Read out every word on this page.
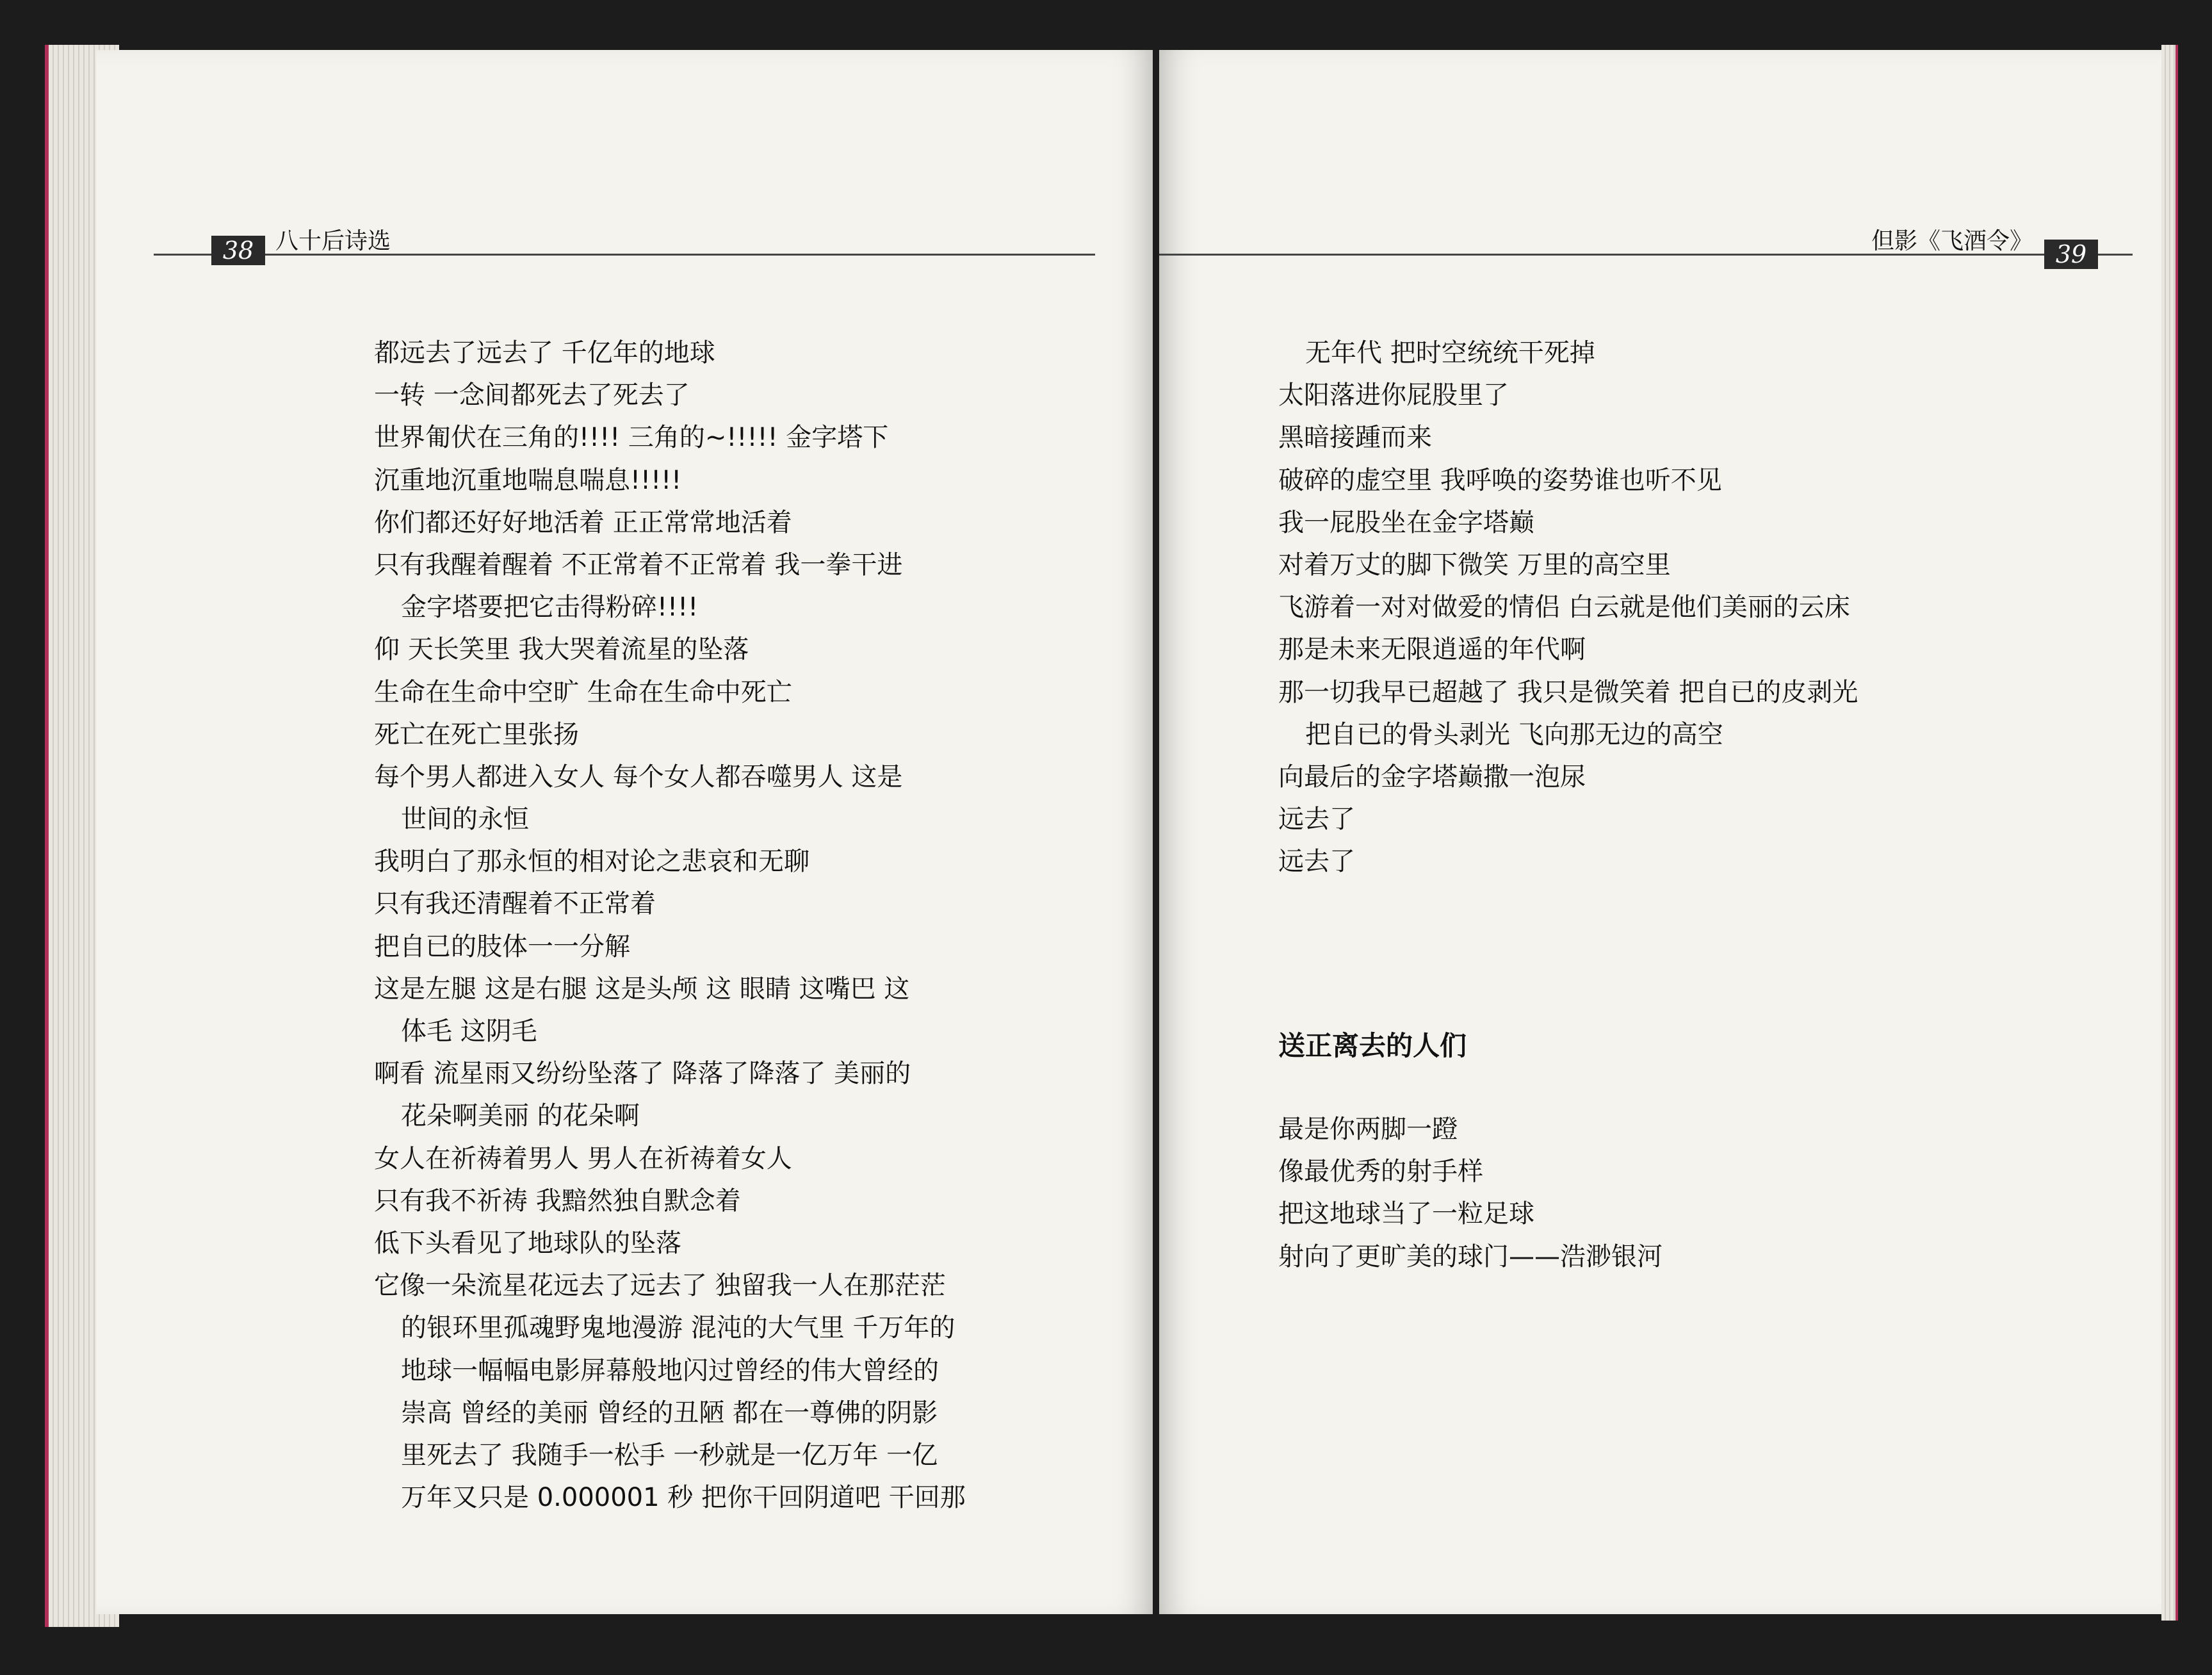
38 八十后诗选
都远去了远去了 千亿年的地球
一转 一念间都死去了死去了
世界匍伏在三角的!!!! 三角的~!!!!! 金字塔下
沉重地沉重地喘息喘息!!!!!
你们都还好好地活着 正正常常地活着
只有我醒着醒着 不正常着不正常着 我一拳干进
金字塔要把它击得粉碎!!!!
仰 天长笑里 我大哭着流星的坠落
生命在生命中空旷 生命在生命中死亡
死亡在死亡里张扬
每个男人都进入女人 每个女人都吞噬男人 这是
世间的永恒
我明白了那永恒的相对论之悲哀和无聊
只有我还清醒着不正常着
把自已的肢体一一分解
这是左腿 这是右腿 这是头颅 这 眼睛 这嘴巴 这
体毛 这阴毛
啊看 流星雨又纷纷坠落了 降落了降落了 美丽的
花朵啊美丽 的花朵啊
女人在祈祷着男人 男人在祈祷着女人
只有我不祈祷 我黯然独自默念着
低下头看见了地球队的坠落
它像一朵流星花远去了远去了 独留我一人在那茫茫
的银环里孤魂野鬼地漫游 混沌的大气里 千万年的
地球一幅幅电影屏幕般地闪过曾经的伟大曾经的
崇高 曾经的美丽 曾经的丑陋 都在一尊佛的阴影
里死去了 我随手一松手 一秒就是一亿万年 一亿
万年又只是 0.000001 秒 把你干回阴道吧 干回那
但影《飞酒令》 39
无年代 把时空统统干死掉
太阳落进你屁股里了
黑暗接踵而来
破碎的虚空里 我呼唤的姿势谁也听不见
我一屁股坐在金字塔巅
对着万丈的脚下微笑 万里的高空里
飞游着一对对做爱的情侣 白云就是他们美丽的云床
那是未来无限逍遥的年代啊
那一切我早已超越了 我只是微笑着 把自已的皮剥光
把自已的骨头剥光 飞向那无边的高空
向最后的金字塔巅撒一泡尿
远去了
远去了
送正离去的人们
最是你两脚一蹬
像最优秀的射手样
把这地球当了一粒足球
射向了更旷美的球门——浩渺银河
